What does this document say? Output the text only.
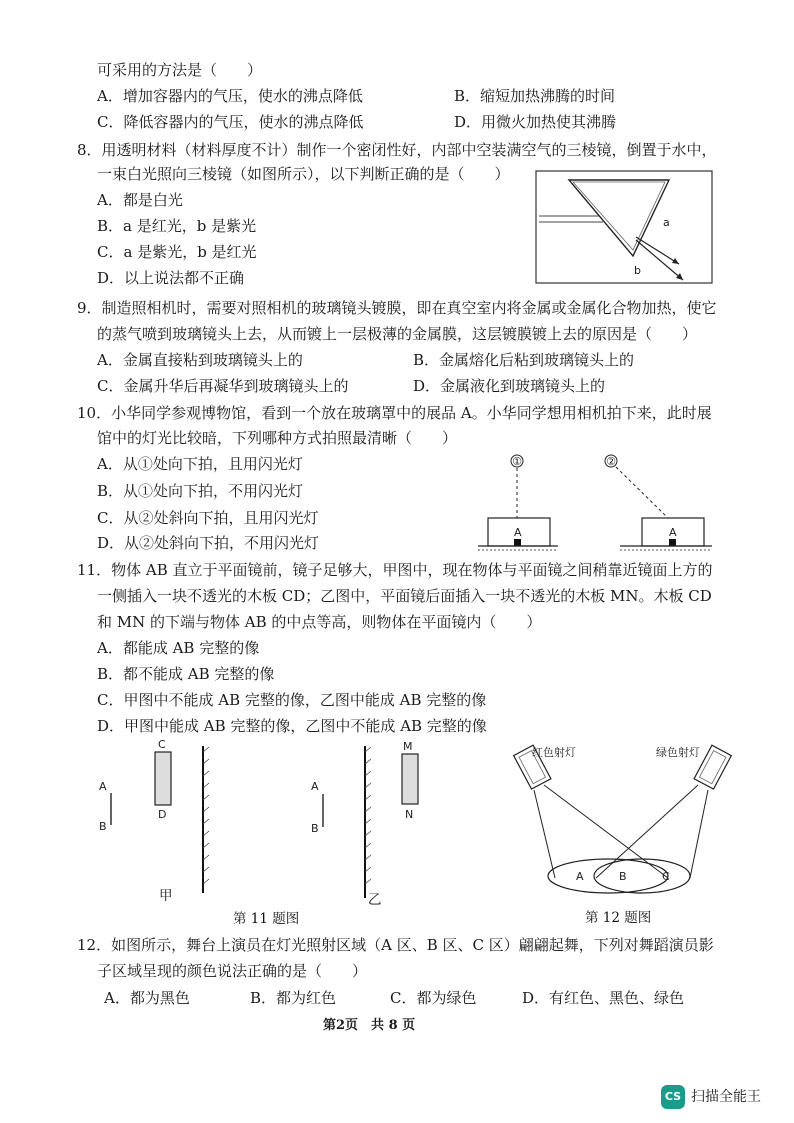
可采用的方法是（　　）
A．增加容器内的气压，使水的沸点降低	B．缩短加热沸腾的时间
C．降低容器内的气压，使水的沸点降低	D．用微火加热使其沸腾
8．用透明材料（材料厚度不计）制作一个密闭性好，内部中空装满空气的三棱镜，倒置于水中，
一束白光照向三棱镜（如图所示），以下判断正确的是（　　）
A．都是白光
B．a 是红光，b 是紫光
C．a 是紫光，b 是红光
D．以上说法都不正确
a
b
9．制造照相机时，需要对照相机的玻璃镜头镀膜，即在真空室内将金属或金属化合物加热，使它
的蒸气喷到玻璃镜头上去，从而镀上一层极薄的金属膜，这层镀膜镀上去的原因是（　　）
A．金属直接粘到玻璃镜头上的	B．金属熔化后粘到玻璃镜头上的
C．金属升华后再凝华到玻璃镜头上的	D．金属液化到玻璃镜头上的
10．小华同学参观博物馆，看到一个放在玻璃罩中的展品 A。小华同学想用相机拍下来，此时展
馆中的灯光比较暗，下列哪种方式拍照最清晰（　　）
A．从①处向下拍，且用闪光灯
B．从①处向下拍，不用闪光灯
C．从②处斜向下拍，且用闪光灯
D．从②处斜向下拍，不用闪光灯
①
A
②
A
11．物体 AB 直立于平面镜前，镜子足够大，甲图中，现在物体与平面镜之间稍靠近镜面上方的
一侧插入一块不透光的木板 CD；乙图中，平面镜后面插入一块不透光的木板 MN。木板 CD
和 MN 的下端与物体 AB 的中点等高，则物体在平面镜内（　　）
A．都能成 AB 完整的像
B．都不能成 AB 完整的像
C．甲图中不能成 AB 完整的像，乙图中能成 AB 完整的像
D．甲图中能成 AB 完整的像，乙图中不能成 AB 完整的像
A
B
C
D
甲
A
B
M
N
乙
第 11 题图
红色射灯	绿色射灯
A	B	C
第 12 题图
12．如图所示，舞台上演员在灯光照射区域（A 区、B 区、C 区）翩翩起舞，下列对舞蹈演员影
子区域呈现的颜色说法正确的是（　　）
A．都为黑色	B．都为红色	C．都为绿色	D．有红色、黑色、绿色
第2页　共 8 页
CS 扫描全能王
